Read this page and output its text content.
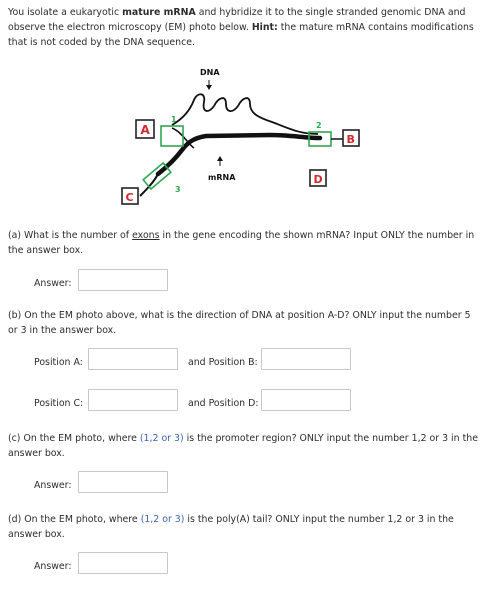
You isolate a eukaryotic mature mRNA and hybridize it to the single stranded genomic DNA and
observe the electron microscopy (EM) photo below. Hint: the mature mRNA contains modifications
that is not coded by the DNA sequence.
DNA
1
3
2
A
B
C
D
mRNA
(a) What is the number of exons in the gene encoding the shown mRNA? Input ONLY the number in
the answer box.
Answer:
(b) On the EM photo above, what is the direction of DNA at position A-D? ONLY input the number 5
or 3 in the answer box.
Position A:	and Position B:
Position C:	and Position D:
(c) On the EM photo, where (1,2 or 3) is the promoter region? ONLY input the number 1,2 or 3 in the
answer box.
Answer:
(d) On the EM photo, where (1,2 or 3) is the poly(A) tail? ONLY input the number 1,2 or 3 in the
answer box.
Answer:
